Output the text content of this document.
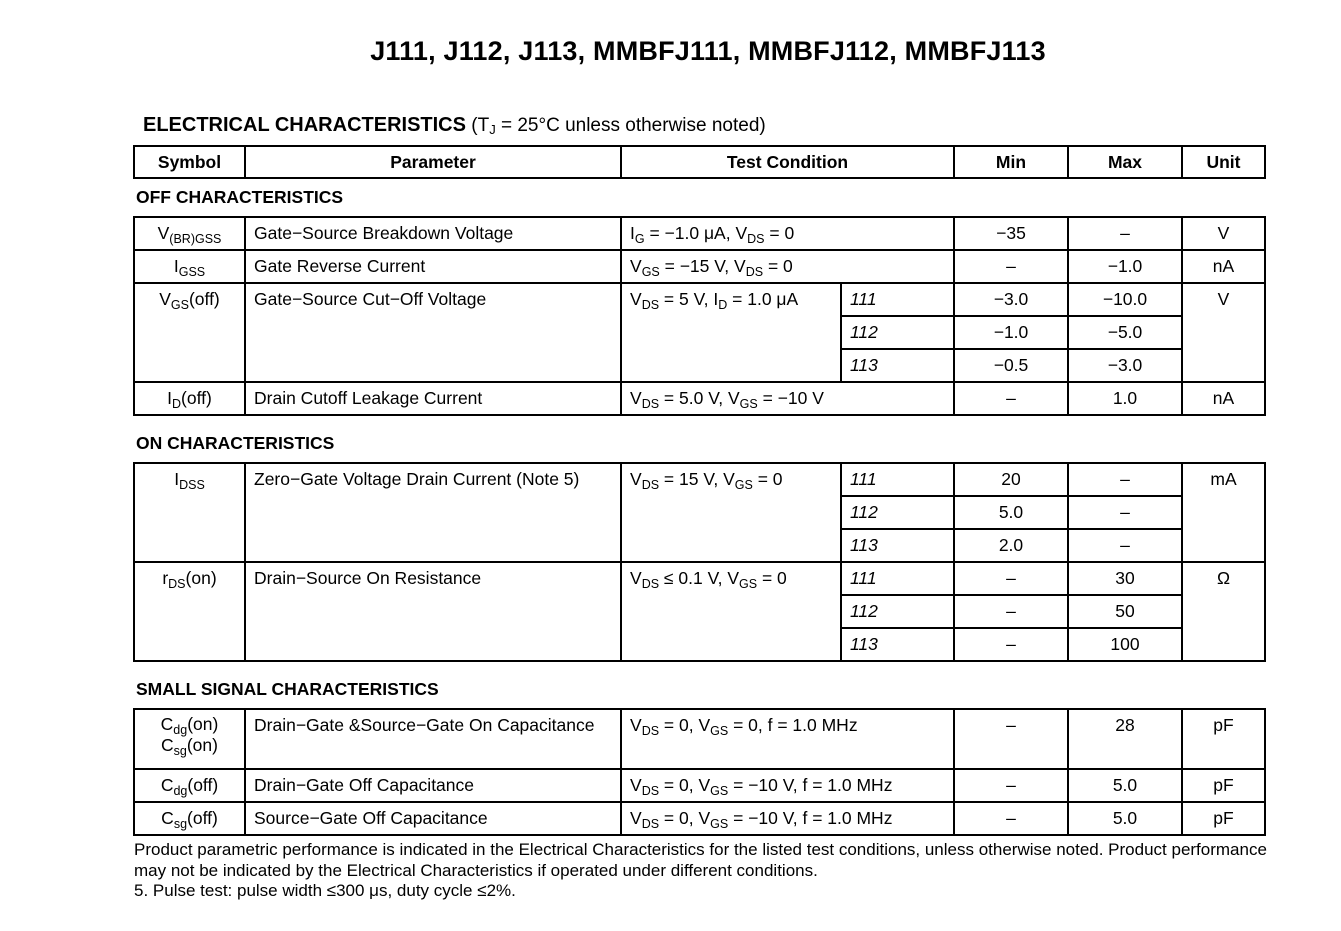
J111, J112, J113, MMBFJ111, MMBFJ112, MMBFJ113
ELECTRICAL CHARACTERISTICS ($T_J = 25^\circ C$ unless otherwise noted)
Symbol	Parameter	Test Condition	Min	Max	Unit
OFF CHARACTERISTICS
$V_{(BR)GSS}$	Gate−Source Breakdown Voltage	$I_G = -1.0$ μA, $V_{DS} = 0$		−35	–	V
$I_{GSS}$	Gate Reverse Current	$V_{GS} = -15$ V, $V_{DS} = 0$		–	−1.0	nA
$V_{GS}(off)$	Gate−Source Cut−Off Voltage	$V_{DS} = 5$ V, $I_D = 1.0$ μA	111	−3.0	−10.0	V
			112	−1.0	−5.0	
			113	−0.5	−3.0	
$I_D(off)$	Drain Cutoff Leakage Current	$V_{DS} = 5.0$ V, $V_{GS} = -10$ V		–	1.0	nA
ON CHARACTERISTICS
$I_{DSS}$	Zero−Gate Voltage Drain Current (Note 5)	$V_{DS} = 15$ V, $V_{GS} = 0$	111	20	–	mA
			112	5.0	–	
			113	2.0	–	
$r_{DS}(on)$	Drain−Source On Resistance	$V_{DS} \le 0.1$ V, $V_{GS} = 0$	111	–	30	Ω
			112	–	50	
			113	–	100	
SMALL SIGNAL CHARACTERISTICS
$C_{dg}(on)$
$C_{sg}(on)$	Drain−Gate &Source−Gate On Capacitance	$V_{DS} = 0$, $V_{GS} = 0$, f = 1.0 MHz	–	28	pF
$C_{dg}(off)$	Drain−Gate Off Capacitance	$V_{DS} = 0$, $V_{GS} = -10$ V, f = 1.0 MHz	–	5.0	pF
$C_{sg}(off)$	Source−Gate Off Capacitance	$V_{DS} = 0$, $V_{GS} = -10$ V, f = 1.0 MHz	–	5.0	pF

Product parametric performance is indicated in the Electrical Characteristics for the listed test conditions, unless otherwise noted. Product performance may not be indicated by the Electrical Characteristics if operated under different conditions.

5. Pulse test: pulse width ≤300 μs, duty cycle ≤2%.
